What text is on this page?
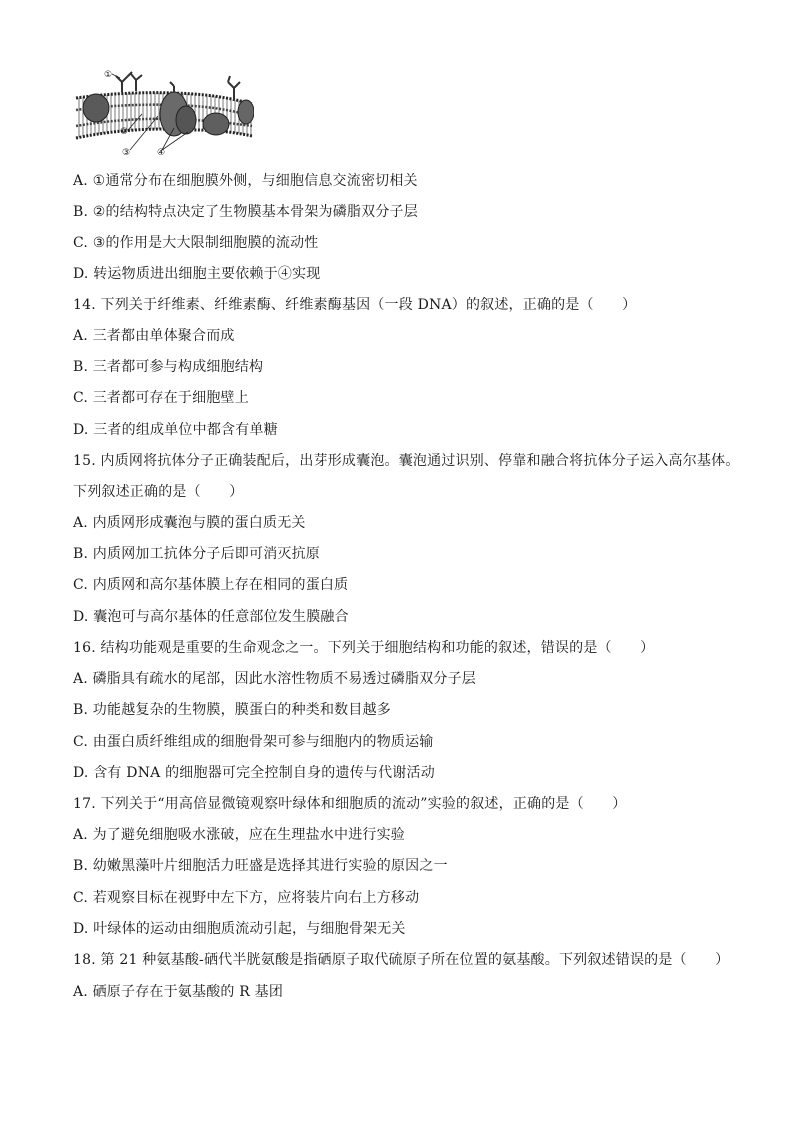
①
②
③	④
A. ①通常分布在细胞膜外侧，与细胞信息交流密切相关
B. ②的结构特点决定了生物膜基本骨架为磷脂双分子层
C. ③的作用是大大限制细胞膜的流动性
D. 转运物质进出细胞主要依赖于④实现
14. 下列关于纤维素、纤维素酶、纤维素酶基因（一段 DNA）的叙述，正确的是（　　）
A. 三者都由单体聚合而成
B. 三者都可参与构成细胞结构
C. 三者都可存在于细胞壁上
D. 三者的组成单位中都含有单糖
15. 内质网将抗体分子正确装配后，出芽形成囊泡。囊泡通过识别、停靠和融合将抗体分子运入高尔基体。
下列叙述正确的是（　　）
A. 内质网形成囊泡与膜的蛋白质无关
B. 内质网加工抗体分子后即可消灭抗原
C. 内质网和高尔基体膜上存在相同的蛋白质
D. 囊泡可与高尔基体的任意部位发生膜融合
16. 结构功能观是重要的生命观念之一。下列关于细胞结构和功能的叙述，错误的是（　　）
A. 磷脂具有疏水的尾部，因此水溶性物质不易透过磷脂双分子层
B. 功能越复杂的生物膜，膜蛋白的种类和数目越多
C. 由蛋白质纤维组成的细胞骨架可参与细胞内的物质运输
D. 含有 DNA 的细胞器可完全控制自身的遗传与代谢活动
17. 下列关于“用高倍显微镜观察叶绿体和细胞质的流动”实验的叙述，正确的是（　　）
A. 为了避免细胞吸水涨破，应在生理盐水中进行实验
B. 幼嫩黑藻叶片细胞活力旺盛是选择其进行实验的原因之一
C. 若观察目标在视野中左下方，应将装片向右上方移动
D. 叶绿体的运动由细胞质流动引起，与细胞骨架无关
18. 第 21 种氨基酸-硒代半胱氨酸是指硒原子取代硫原子所在位置的氨基酸。下列叙述错误的是（　　）
A. 硒原子存在于氨基酸的 R 基团
